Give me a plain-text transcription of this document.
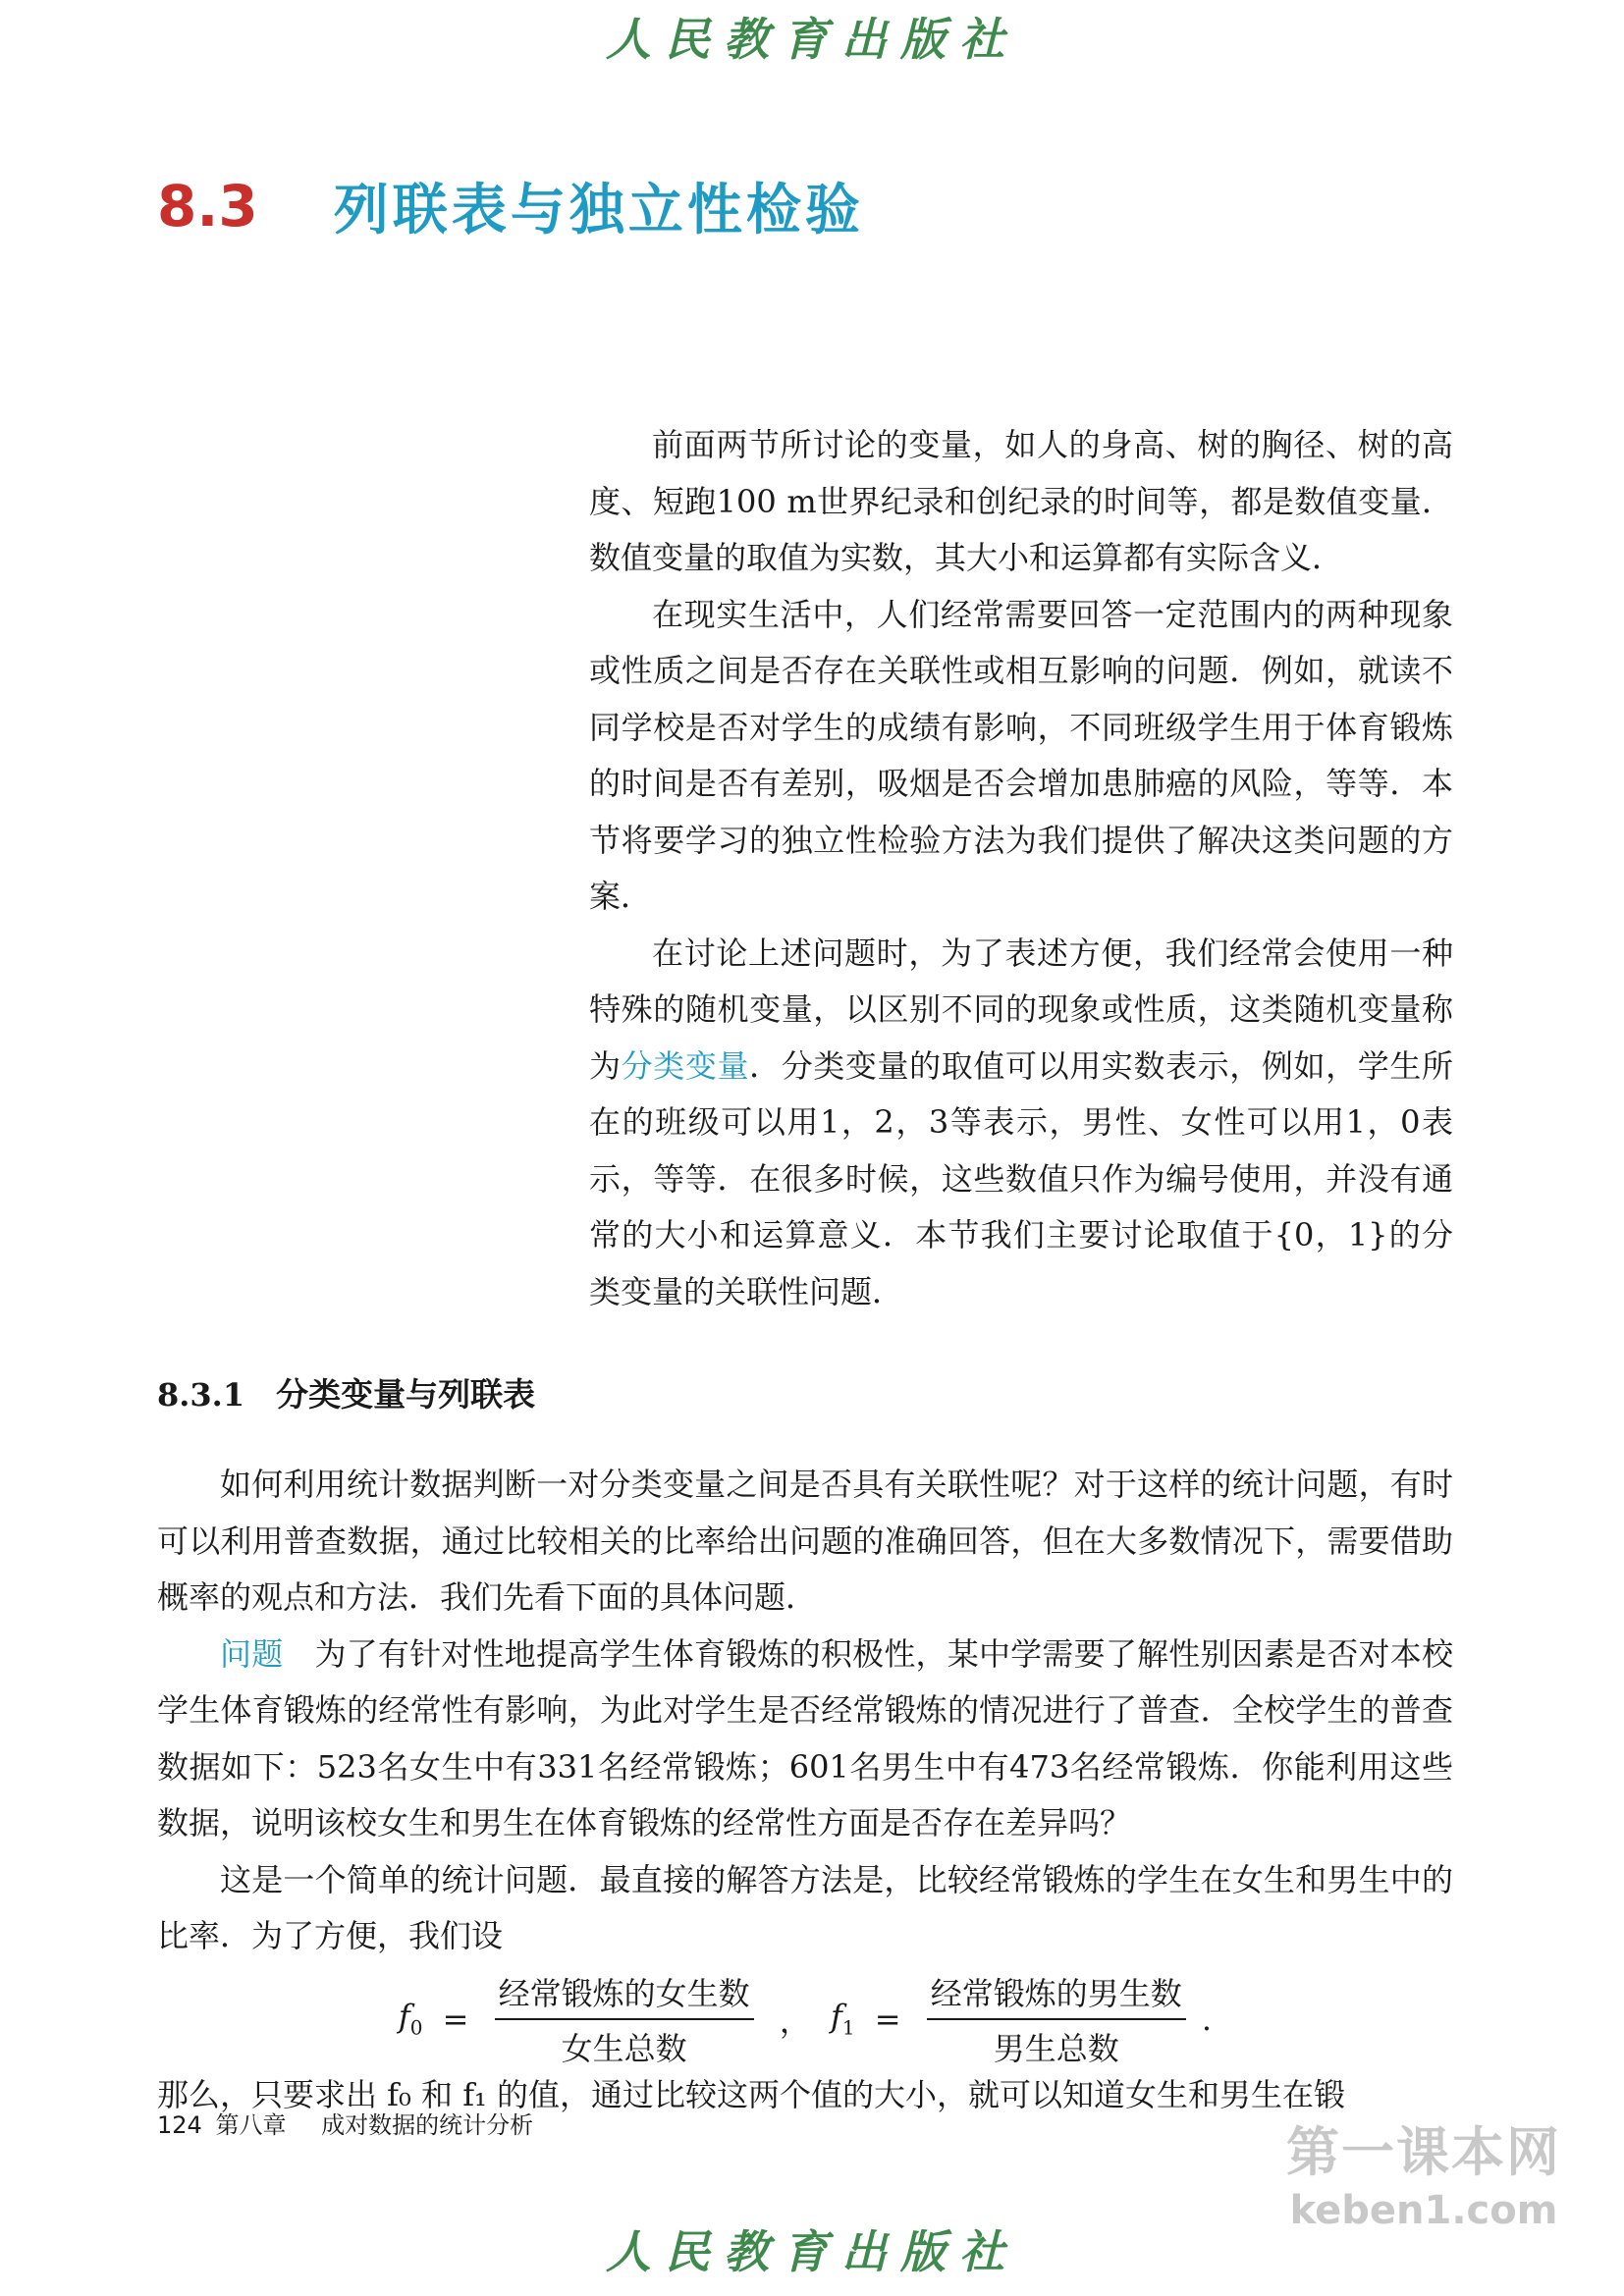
人民教育出版社
8.3 列联表与独立性检验

前面两节所讨论的变量，如人的身高、树的胸径、树的高度、短跑100 m世界纪录和创纪录的时间等，都是数值变量．数值变量的取值为实数，其大小和运算都有实际含义．

在现实生活中，人们经常需要回答一定范围内的两种现象或性质之间是否存在关联性或相互影响的问题．例如，就读不同学校是否对学生的成绩有影响，不同班级学生用于体育锻炼的时间是否有差别，吸烟是否会增加患肺癌的风险，等等．本节将要学习的独立性检验方法为我们提供了解决这类问题的方案．

在讨论上述问题时，为了表述方便，我们经常会使用一种特殊的随机变量，以区别不同的现象或性质，这类随机变量称为分类变量．分类变量的取值可以用实数表示，例如，学生所在的班级可以用1，2，3等表示，男性、女性可以用1，0表示，等等．在很多时候，这些数值只作为编号使用，并没有通常的大小和运算意义．本节我们主要讨论取值于{0，1}的分类变量的关联性问题．

8.3.1 分类变量与列联表

如何利用统计数据判断一对分类变量之间是否具有关联性呢？对于这样的统计问题，有时可以利用普查数据，通过比较相关的比率给出问题的准确回答，但在大多数情况下，需要借助概率的观点和方法．我们先看下面的具体问题．

问题 为了有针对性地提高学生体育锻炼的积极性，某中学需要了解性别因素是否对本校学生体育锻炼的经常性有影响，为此对学生是否经常锻炼的情况进行了普查．全校学生的普查数据如下：523名女生中有331名经常锻炼；601名男生中有473名经常锻炼．你能利用这些数据，说明该校女生和男生在体育锻炼的经常性方面是否存在差异吗？

这是一个简单的统计问题．最直接的解答方法是，比较经常锻炼的学生在女生和男生中的比率．为了方便，我们设

$f_0 = \frac{\text{经常锻炼的女生数}}{\text{女生总数}}$ ， $f_1 = \frac{\text{经常锻炼的男生数}}{\text{男生总数}}$ .

那么，只要求出 f₀ 和 f₁ 的值，通过比较这两个值的大小，就可以知道女生和男生在锻

124 第八章 成对数据的统计分析	第一课本网
keben1.com
人民教育出版社
